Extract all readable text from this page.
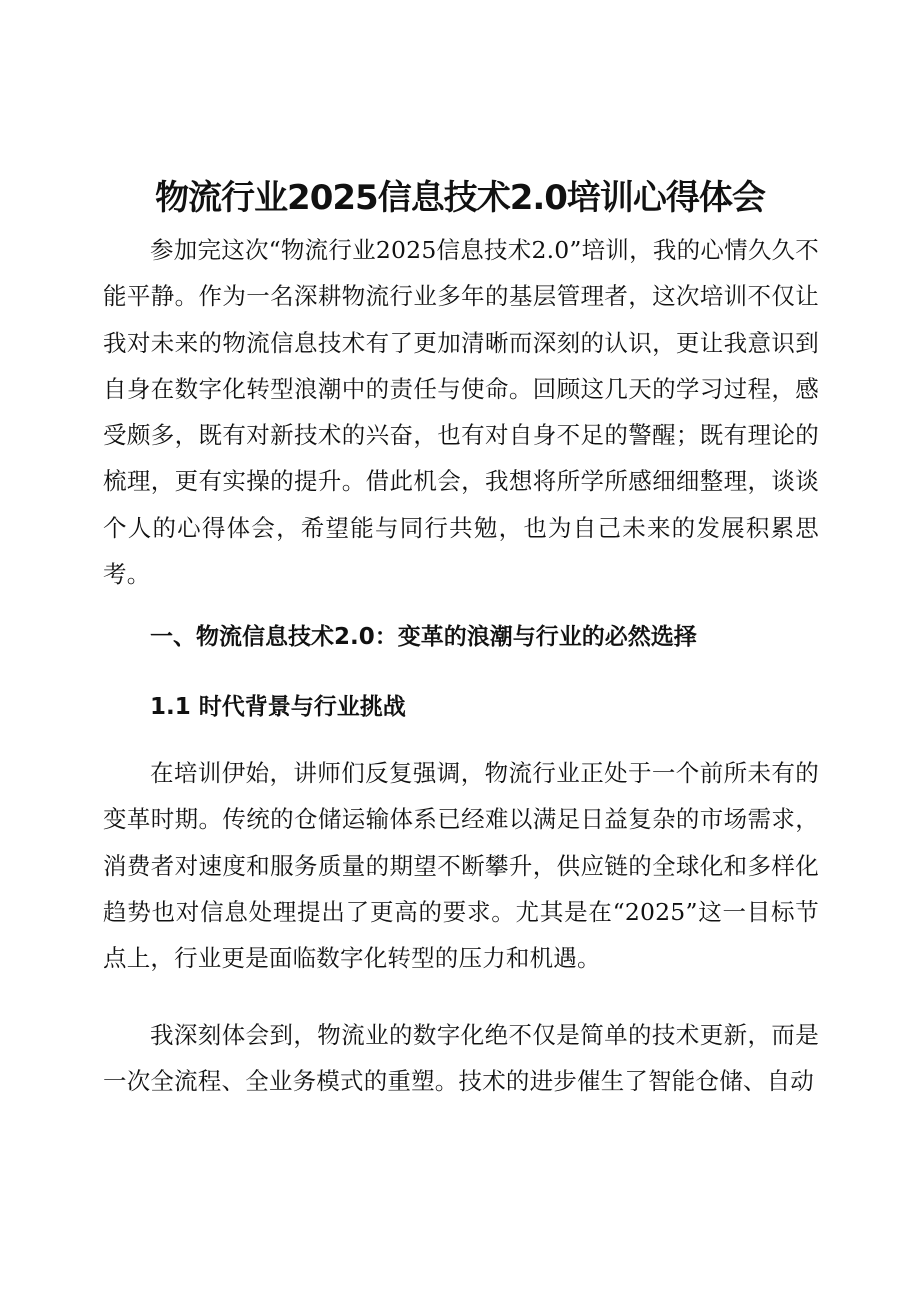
物流行业2025信息技术2.0培训心得体会

参加完这次“物流行业2025信息技术2.0”培训，我的心情久久不能平静。作为一名深耕物流行业多年的基层管理者，这次培训不仅让我对未来的物流信息技术有了更加清晰而深刻的认识，更让我意识到自身在数字化转型浪潮中的责任与使命。回顾这几天的学习过程，感受颇多，既有对新技术的兴奋，也有对自身不足的警醒；既有理论的梳理，更有实操的提升。借此机会，我想将所学所感细细整理，谈谈个人的心得体会，希望能与同行共勉，也为自己未来的发展积累思考。

一、物流信息技术2.0：变革的浪潮与行业的必然选择
1.1 时代背景与行业挑战

在培训伊始，讲师们反复强调，物流行业正处于一个前所未有的变革时期。传统的仓储运输体系已经难以满足日益复杂的市场需求，消费者对速度和服务质量的期望不断攀升，供应链的全球化和多样化趋势也对信息处理提出了更高的要求。尤其是在“2025”这一目标节点上，行业更是面临数字化转型的压力和机遇。

我深刻体会到，物流业的数字化绝不仅是简单的技术更新，而是一次全流程、全业务模式的重塑。技术的进步催生了智能仓储、自动
